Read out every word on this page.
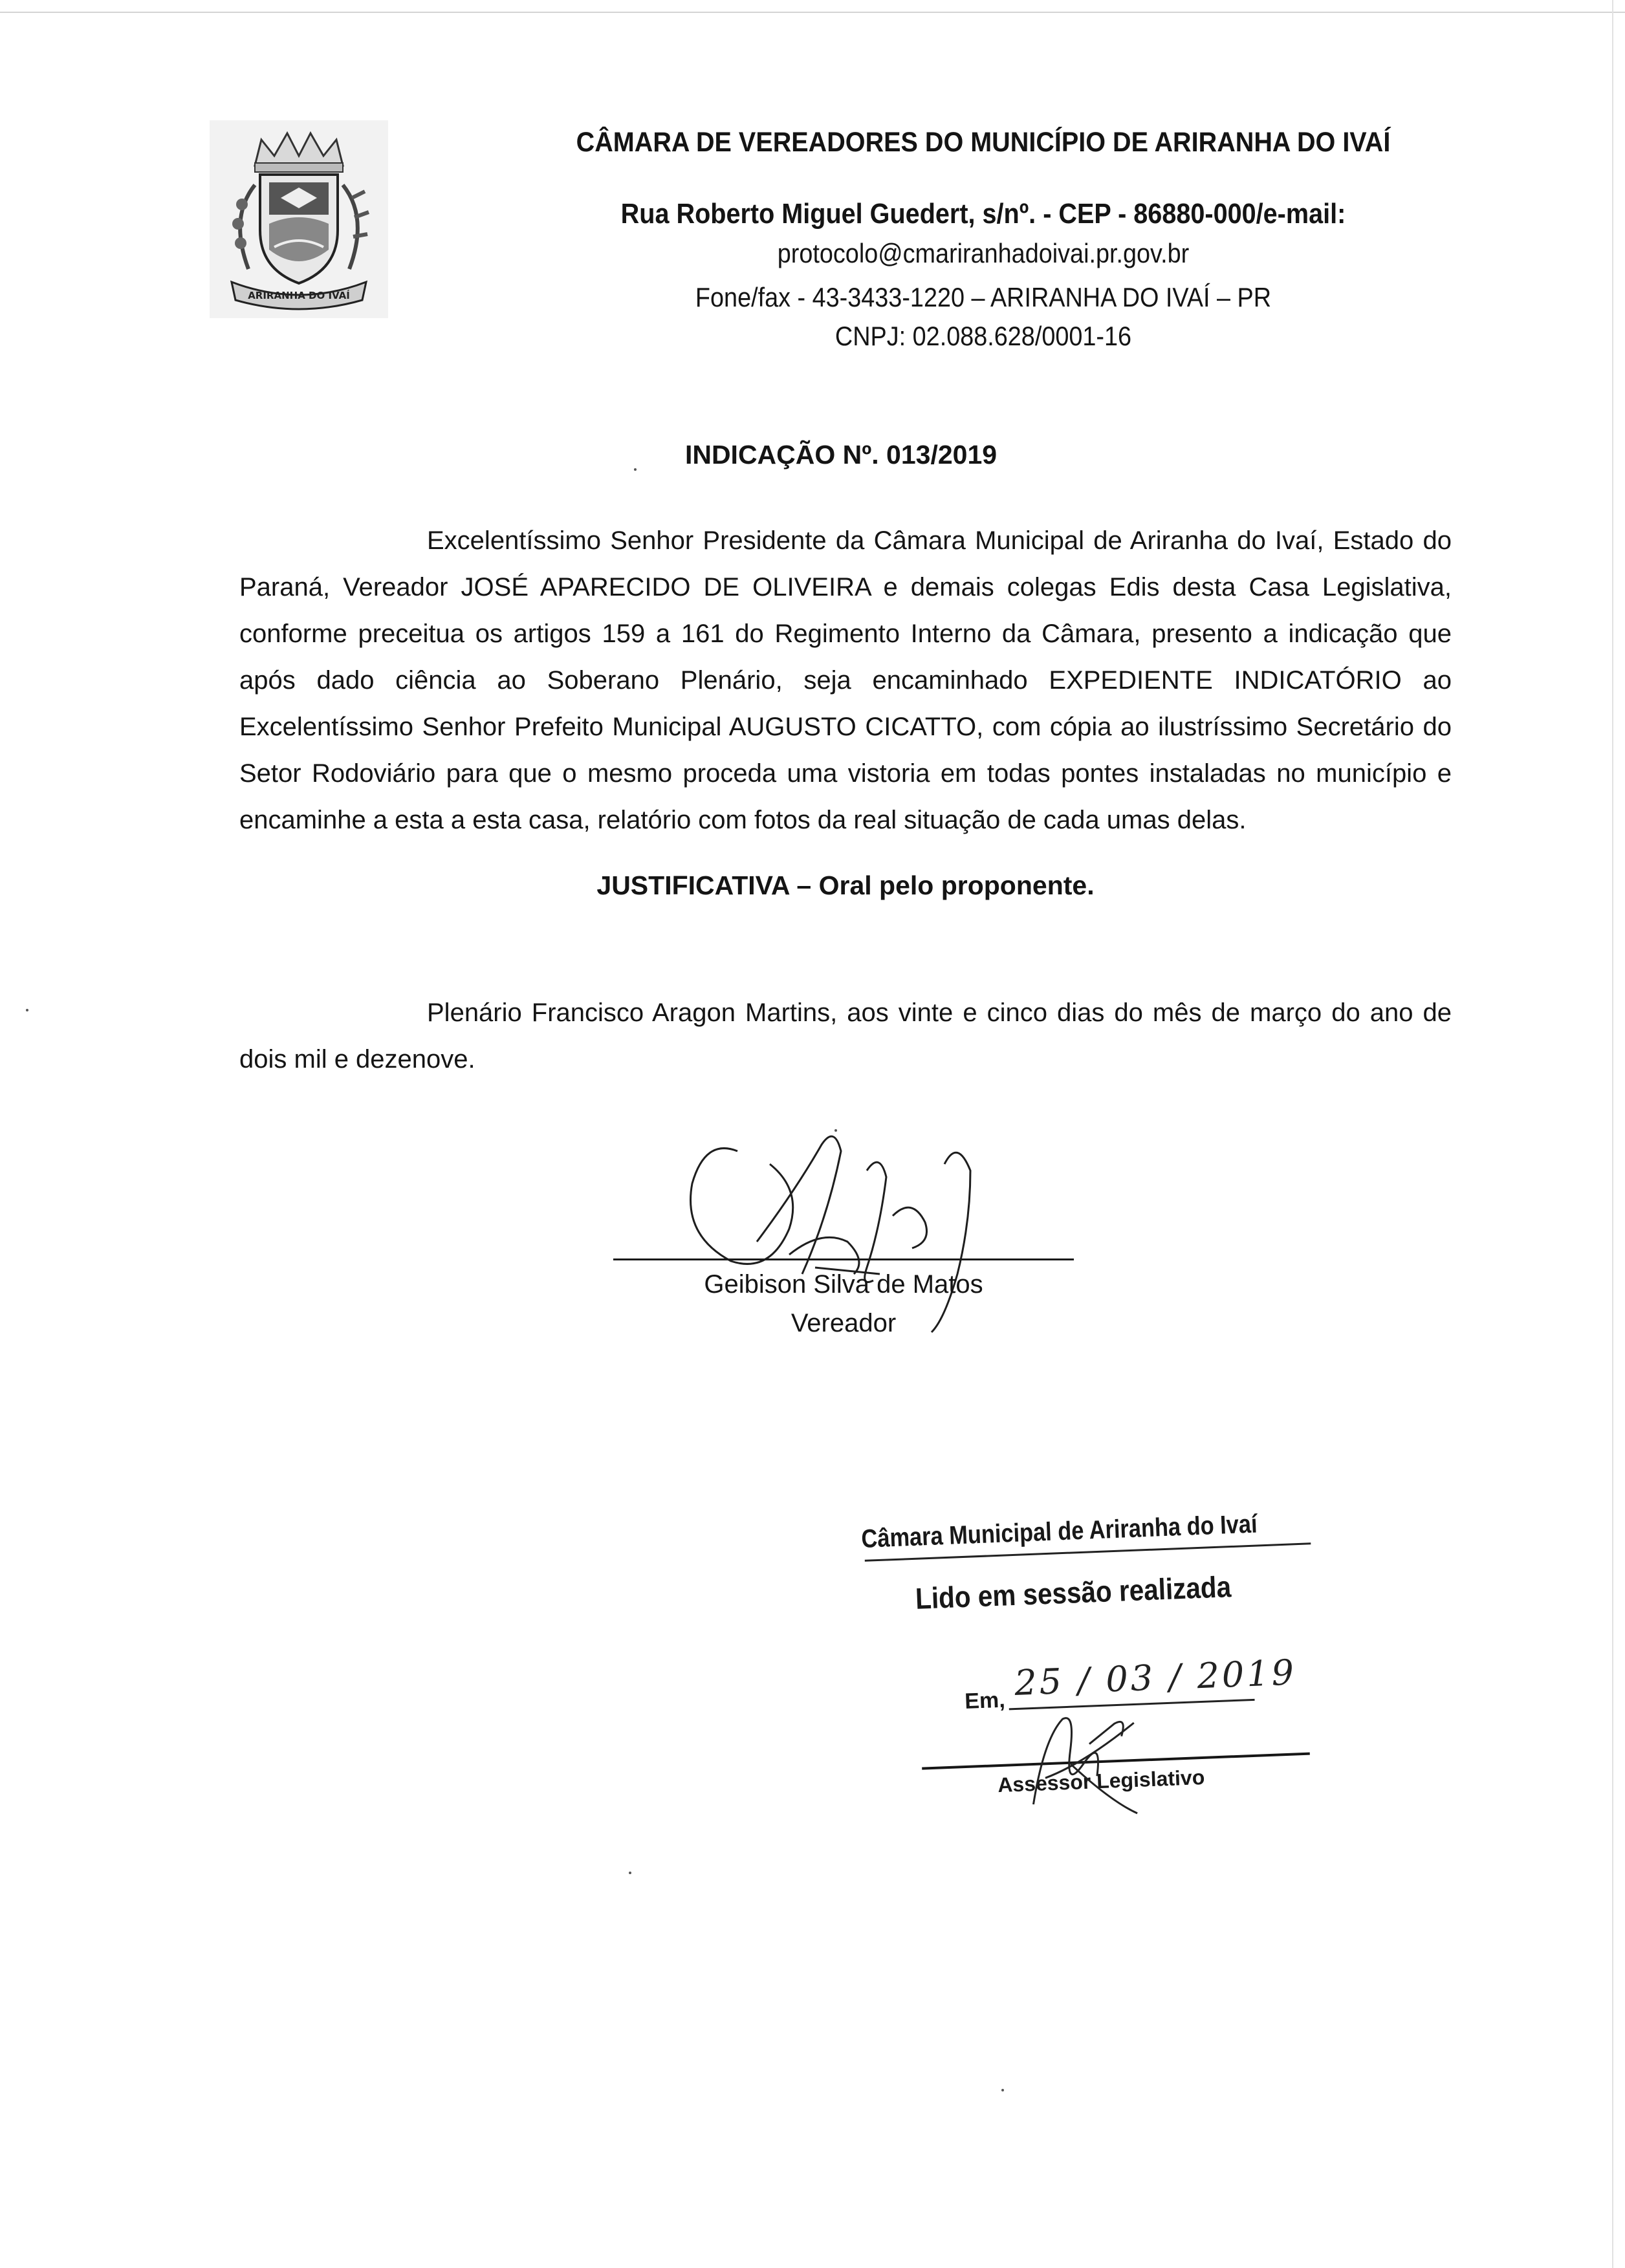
ARIRANHA DO IVAÍ
CÂMARA DE VEREADORES DO MUNICÍPIO DE ARIRANHA DO IVAÍ
Rua Roberto Miguel Guedert, s/nº. - CEP - 86880-000/e-mail:
protocolo@cmariranhadoivai.pr.gov.br
Fone/fax - 43-3433-1220 – ARIRANHA DO IVAÍ – PR
CNPJ: 02.088.628/0001-16
INDICAÇÃO Nº. 013/2019
Excelentíssimo Senhor Presidente da Câmara Municipal de Ariranha do Ivaí, Estado do Paraná, Vereador JOSÉ APARECIDO DE OLIVEIRA e demais colegas Edis desta Casa Legislativa, conforme preceitua os artigos 159 a 161 do Regimento Interno da Câmara, presento a indicação que após dado ciência ao Soberano Plenário, seja encaminhado EXPEDIENTE INDICATÓRIO ao Excelentíssimo Senhor Prefeito Municipal AUGUSTO CICATTO, com cópia ao ilustríssimo Secretário do Setor Rodoviário para que o mesmo proceda uma vistoria em todas pontes instaladas no município e encaminhe a esta a esta casa, relatório com fotos da real situação de cada umas delas.
JUSTIFICATIVA – Oral pelo proponente.
Plenário Francisco Aragon Martins, aos vinte e cinco dias do mês de março do ano de dois mil e dezenove.
Geibison Silva de Matos
Vereador
Câmara Municipal de Ariranha do Ivaí
Lido em sessão realizada
Em, 25 / 03 / 2019
Assessor Legislativo
